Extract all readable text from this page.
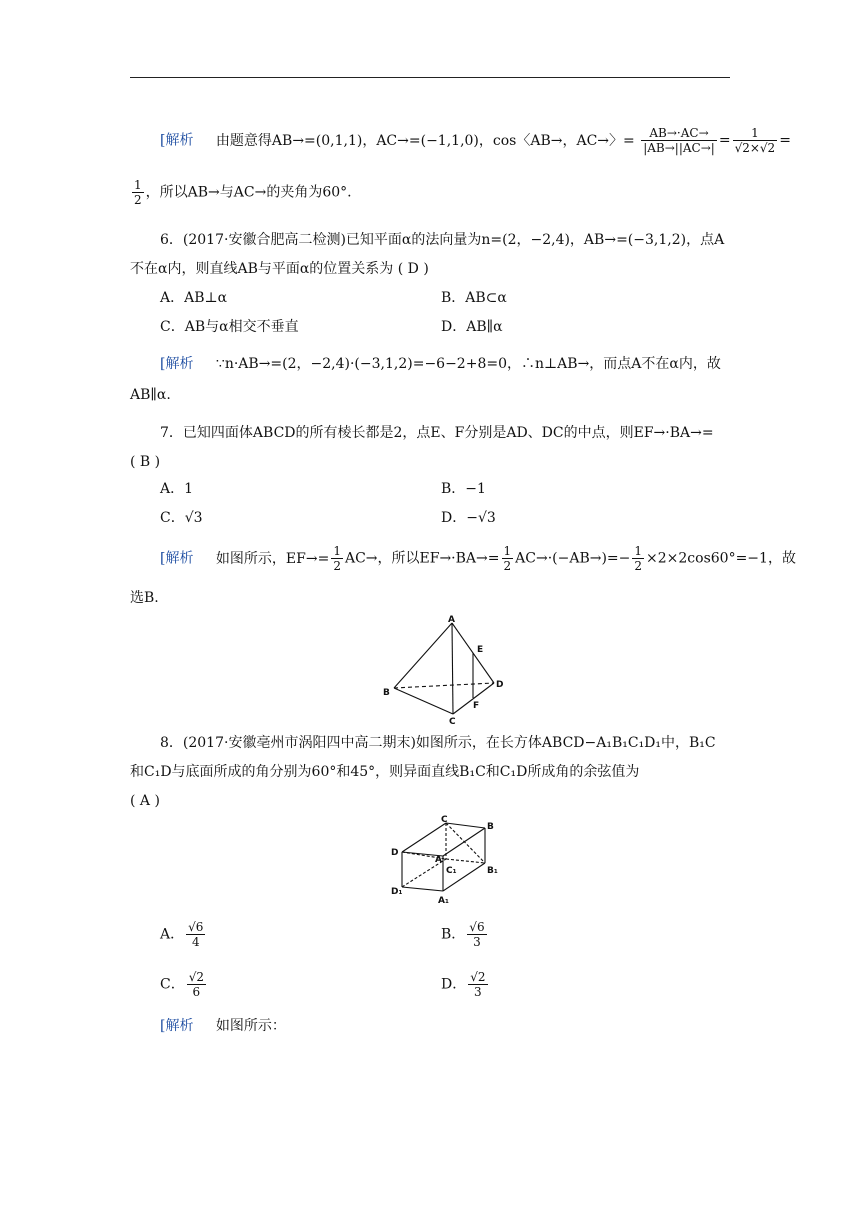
[解析 由题意得AB→=(0,1,1)，AC→=(−1,1,0)，cos〈AB→，AC→〉= $\frac{AB\to\cdot AC\to}{|AB\to||AC\to|} = \frac{1}{√2\times√2}$ =
$\frac{1}{2}$ ，所以AB→与AC→的夹角为60°.
6．(2017·安徽合肥高二检测)已知平面α的法向量为n=(2，−2,4)，AB→=(−3,1,2)，点A
不在α内，则直线AB与平面α的位置关系为 ( D )
A．AB⊥α	B．AB⊂α
C．AB与α相交不垂直	D．AB∥α
[解析 ∵n·AB→=(2，−2,4)·(−3,1,2)=−6−2+8=0，∴n⊥AB→，而点A不在α内，故
AB∥α.
7．已知四面体ABCD的所有棱长都是2，点E、F分别是AD、DC的中点，则EF→·BA→=
( B )
A．1	B．−1
C．√3	D．−√3
[解析 如图所示，$EF\to= \frac{1}{2} AC\to$，所以$EF\to\cdot BA\to= \frac{1}{2} AC\to\cdot(-AB\to)=- \frac{1}{2} \times 2\times 2\cos 60^\circ=-1$，故
选B.
A
E
D
B
F
C
8．(2017·安徽亳州市涡阳四中高二期末)如图所示，在长方体ABCD−A₁B₁C₁D₁中，B₁C
和C₁D与底面所成的角分别为60°和45°，则异面直线B₁C和C₁D所成角的余弦值为
( A )
C
B
D
A
C₁	B₁
D₁
A₁
A． $\frac{√6}{4}$	B． $\frac{√6}{3}$
C． $\frac{√2}{6}$	D． $\frac{√2}{3}$
[解析 如图所示：
